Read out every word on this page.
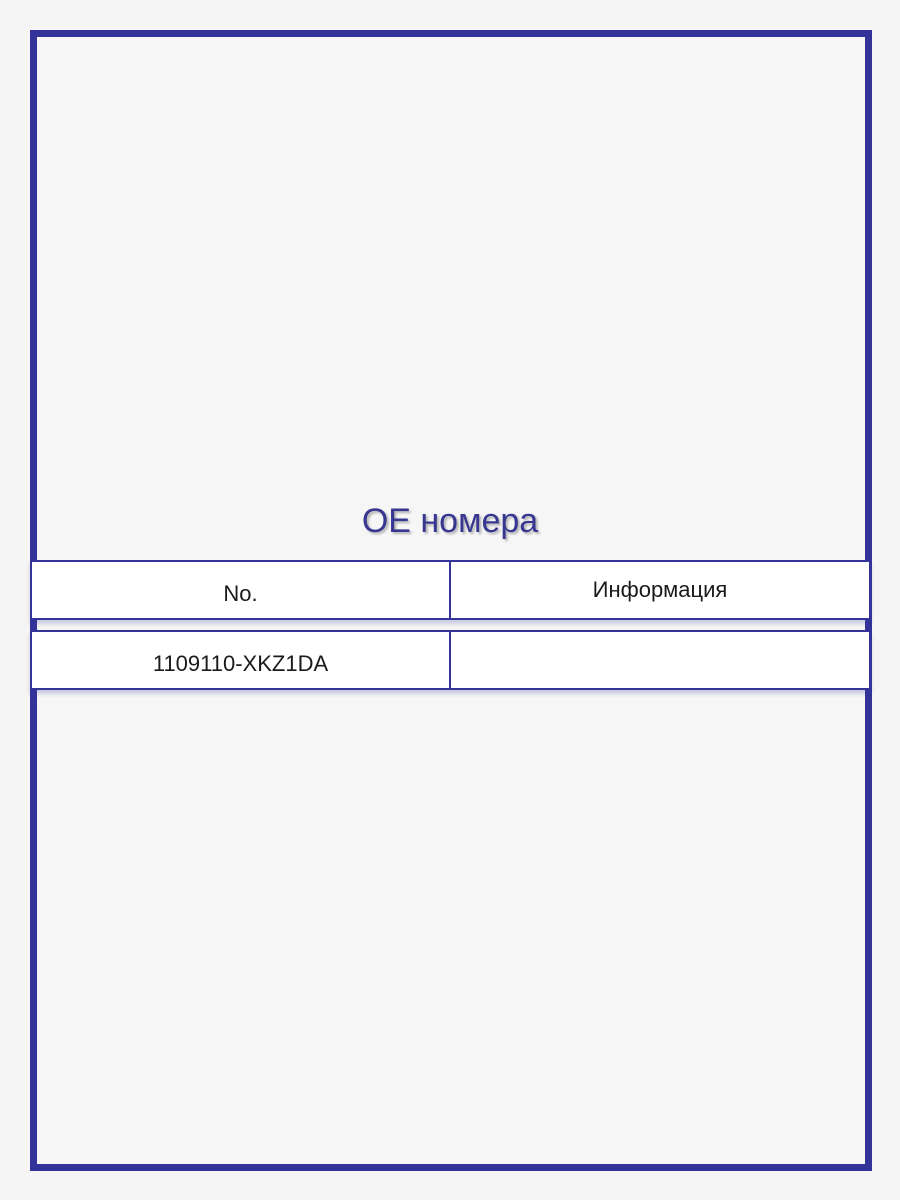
OE номера
No.	Информация
1109110-XKZ1DA
